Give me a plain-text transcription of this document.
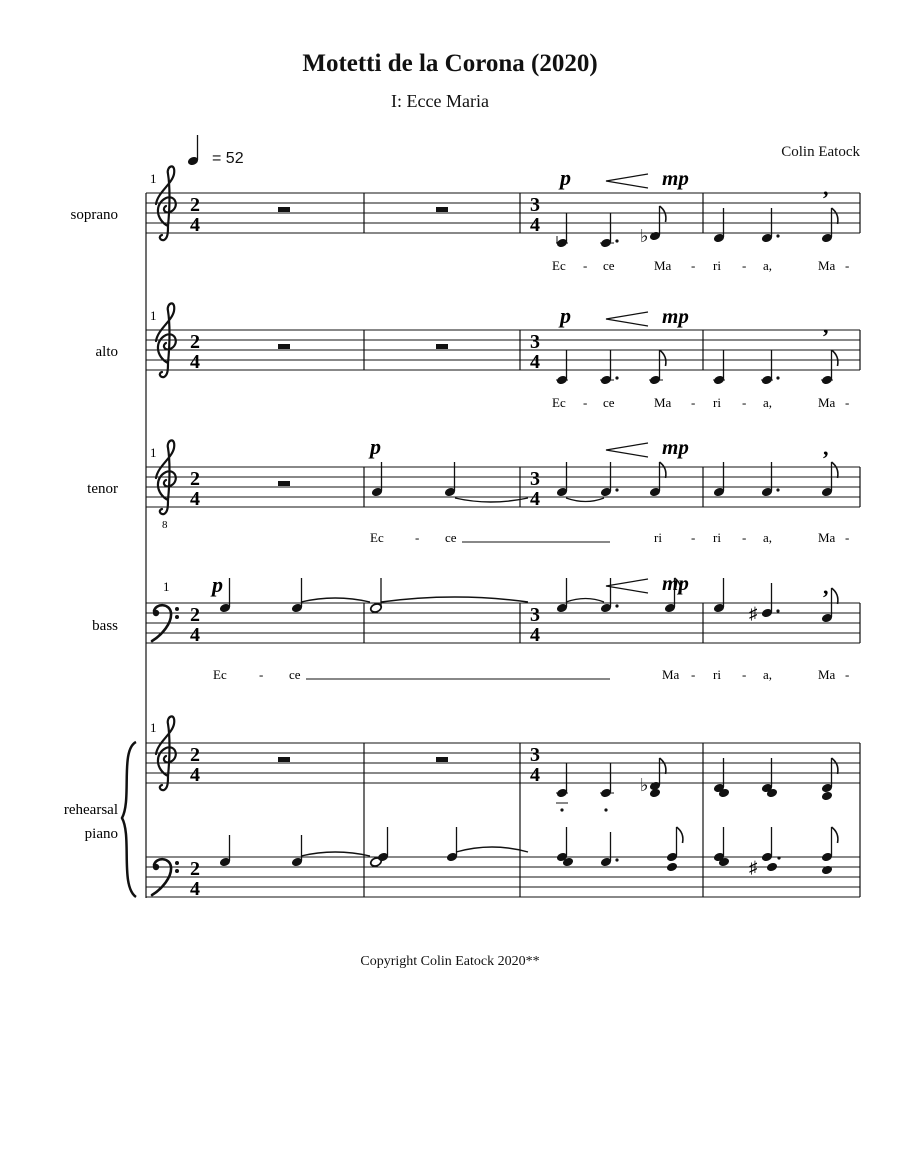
Motetti de la Corona (2020)
I: Ecce Maria
Colin Eatock
= 52
Copyright Colin Eatock 2020**
1
2
4
3
4	♭
,
p	mp
Ec - ce	Ma - ri - a,	Ma -
1
2
4
3
4
,
p	mp
Ec - ce	Ma - ri - a,	Ma -
1
8
2
4
3
4
,
p	mp
Ec - ce	ri - ri - a,	Ma -
1
2
4
3
4
♯
,
p	mp
Ec - ce	Ma - ri - a,	Ma -
1
2
4
3
4	♭
2
4
♯
soprano
alto
tenor
bass
rehearsal
piano
